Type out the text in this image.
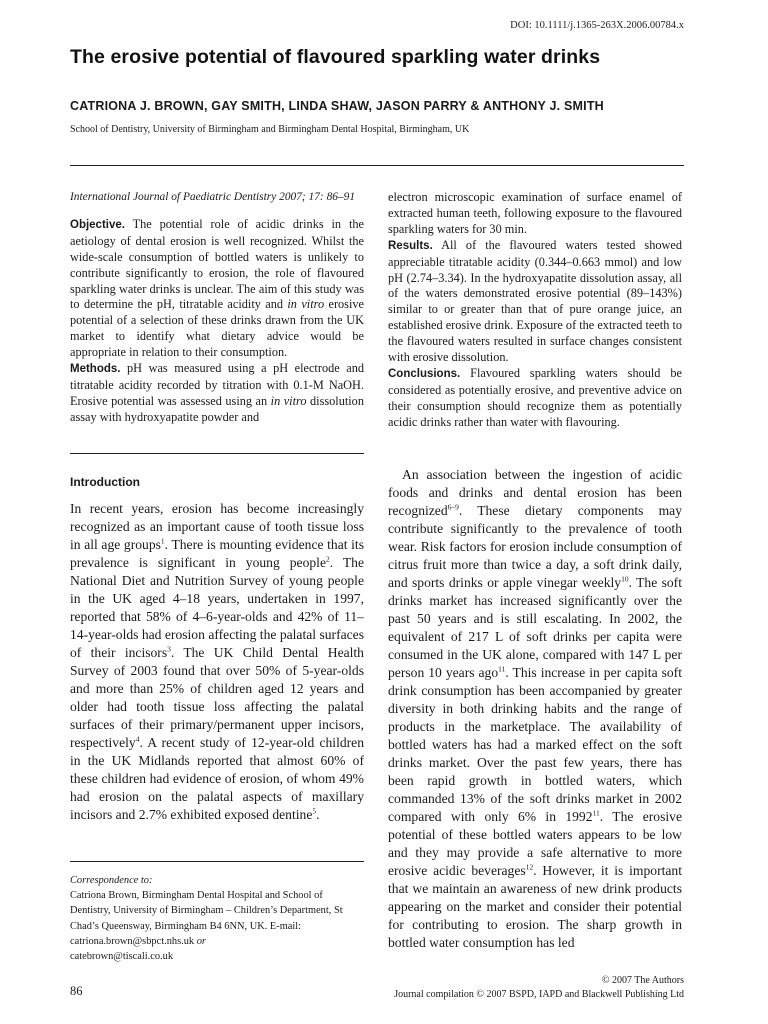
DOI: 10.1111/j.1365-263X.2006.00784.x
The erosive potential of flavoured sparkling water drinks
CATRIONA J. BROWN, GAY SMITH, LINDA SHAW, JASON PARRY & ANTHONY J. SMITH
School of Dentistry, University of Birmingham and Birmingham Dental Hospital, Birmingham, UK
International Journal of Paediatric Dentistry 2007; 17: 86–91

Objective. The potential role of acidic drinks in the aetiology of dental erosion is well recognized. Whilst the wide-scale consumption of bottled waters is unlikely to contribute significantly to erosion, the role of flavoured sparkling water drinks is unclear. The aim of this study was to determine the pH, titratable acidity and in vitro erosive potential of a selection of these drinks drawn from the UK market to identify what dietary advice would be appropriate in relation to their consumption.
Methods. pH was measured using a pH electrode and titratable acidity recorded by titration with 0.1-M NaOH. Erosive potential was assessed using an in vitro dissolution assay with hydroxyapatite powder and

electron microscopic examination of surface enamel of extracted human teeth, following exposure to the flavoured sparkling waters for 30 min.
Results. All of the flavoured waters tested showed appreciable titratable acidity (0.344–0.663 mmol) and low pH (2.74–3.34). In the hydroxyapatite dissolution assay, all of the waters demonstrated erosive potential (89–143%) similar to or greater than that of pure orange juice, an established erosive drink. Exposure of the extracted teeth to the flavoured waters resulted in surface changes consistent with erosive dissolution.
Conclusions. Flavoured sparkling waters should be considered as potentially erosive, and preventive advice on their consumption should recognize them as potentially acidic drinks rather than water with flavouring.

Introduction

In recent years, erosion has become increasingly recognized as an important cause of tooth tissue loss in all age groups$^1$. There is mounting evidence that its prevalence is significant in young people$^2$. The National Diet and Nutrition Survey of young people in the UK aged 4–18 years, undertaken in 1997, reported that 58% of 4–6-year-olds and 42% of 11–14-year-olds had erosion affecting the palatal surfaces of their incisors$^3$. The UK Child Dental Health Survey of 2003 found that over 50% of 5-year-olds and more than 25% of children aged 12 years and older had tooth tissue loss affecting the palatal surfaces of their primary/permanent upper incisors, respectively$^4$. A recent study of 12-year-old children in the UK Midlands reported that almost 60% of these children had evidence of erosion, of whom 49% had erosion on the palatal aspects of maxillary incisors and 2.7% exhibited exposed dentine$^5$.

Correspondence to:
Catriona Brown, Birmingham Dental Hospital and School of Dentistry, University of Birmingham – Children’s Department, St Chad’s Queensway, Birmingham B4 6NN, UK. E-mail: catriona.brown@sbpct.nhs.uk or
catebrown@tiscali.co.uk

An association between the ingestion of acidic foods and drinks and dental erosion has been recognized$^{6-9}$. These dietary components may contribute significantly to the prevalence of tooth wear. Risk factors for erosion include consumption of citrus fruit more than twice a day, a soft drink daily, and sports drinks or apple vinegar weekly$^{10}$. The soft drinks market has increased significantly over the past 50 years and is still escalating. In 2002, the equivalent of 217 L of soft drinks per capita were consumed in the UK alone, compared with 147 L per person 10 years ago$^{11}$. This increase in per capita soft drink consumption has been accompanied by greater diversity in both drinking habits and the range of products in the marketplace. The availability of bottled waters has had a marked effect on the soft drinks market. Over the past few years, there has been rapid growth in bottled waters, which commanded 13% of the soft drinks market in 2002 compared with only 6% in 1992$^{11}$. The erosive potential of these bottled waters appears to be low and they may provide a safe alternative to more erosive acidic beverages$^{12}$. However, it is important that we maintain an awareness of new drink products appearing on the market and consider their potential for contributing to erosion. The sharp growth in bottled water consumption has led

86
© 2007 The Authors
Journal compilation © 2007 BSPD, IAPD and Blackwell Publishing Ltd
